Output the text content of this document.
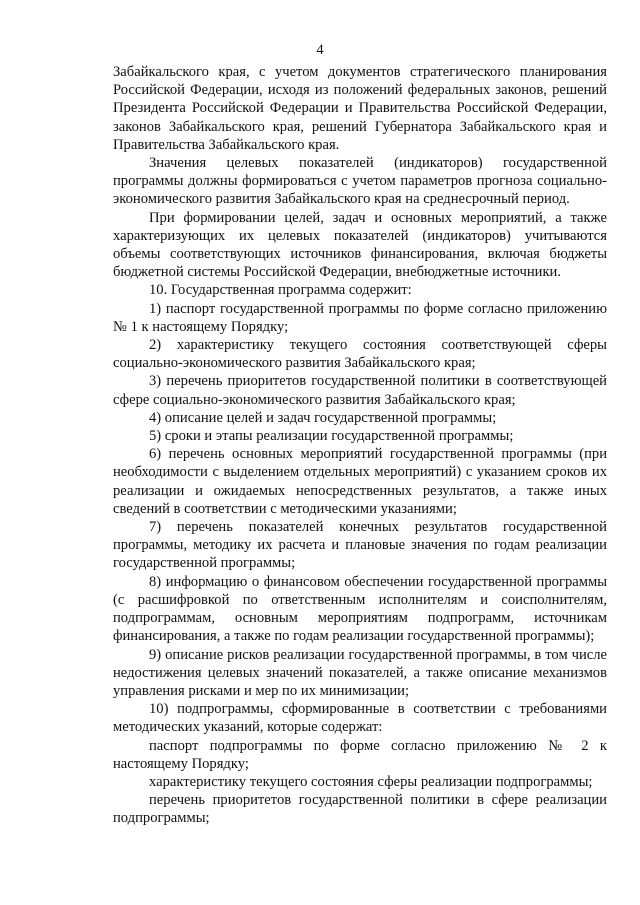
4

Забайкальского края, с учетом документов стратегического планирования Российской Федерации, исходя из положений федеральных законов, решений Президента Российской Федерации и Правительства Российской Федерации, законов Забайкальского края, решений Губернатора Забайкальского края и Правительства Забайкальского края.

Значения целевых показателей (индикаторов) государственной программы должны формироваться с учетом параметров прогноза социально-экономического развития Забайкальского края на среднесрочный период.

При формировании целей, задач и основных мероприятий, а также характеризующих их целевых показателей (индикаторов) учитываются объемы соответствующих источников финансирования, включая бюджеты бюджетной системы Российской Федерации, внебюджетные источники.

10. Государственная программа содержит:

1) паспорт государственной программы по форме согласно приложению № 1 к настоящему Порядку;

2) характеристику текущего состояния соответствующей сферы социально-экономического развития Забайкальского края;

3) перечень приоритетов государственной политики в соответствующей сфере социально-экономического развития Забайкальского края;

4) описание целей и задач государственной программы;

5) сроки и этапы реализации государственной программы;

6) перечень основных мероприятий государственной программы (при необходимости с выделением отдельных мероприятий) с указанием сроков их реализации и ожидаемых непосредственных результатов, а также иных сведений в соответствии с методическими указаниями;

7) перечень показателей конечных результатов государственной программы, методику их расчета и плановые значения по годам реализации государственной программы;

8) информацию о финансовом обеспечении государственной программы (с расшифровкой по ответственным исполнителям и соисполнителям, подпрограммам, основным мероприятиям подпрограмм, источникам финансирования, а также по годам реализации государственной программы);

9) описание рисков реализации государственной программы, в том числе недостижения целевых значений показателей, а также описание механизмов управления рисками и мер по их минимизации;

10) подпрограммы, сформированные в соответствии с требованиями методических указаний, которые содержат:

паспорт подпрограммы по форме согласно приложению № 2 к настоящему Порядку;

характеристику текущего состояния сферы реализации подпрограммы;

перечень приоритетов государственной политики в сфере реализации подпрограммы;
